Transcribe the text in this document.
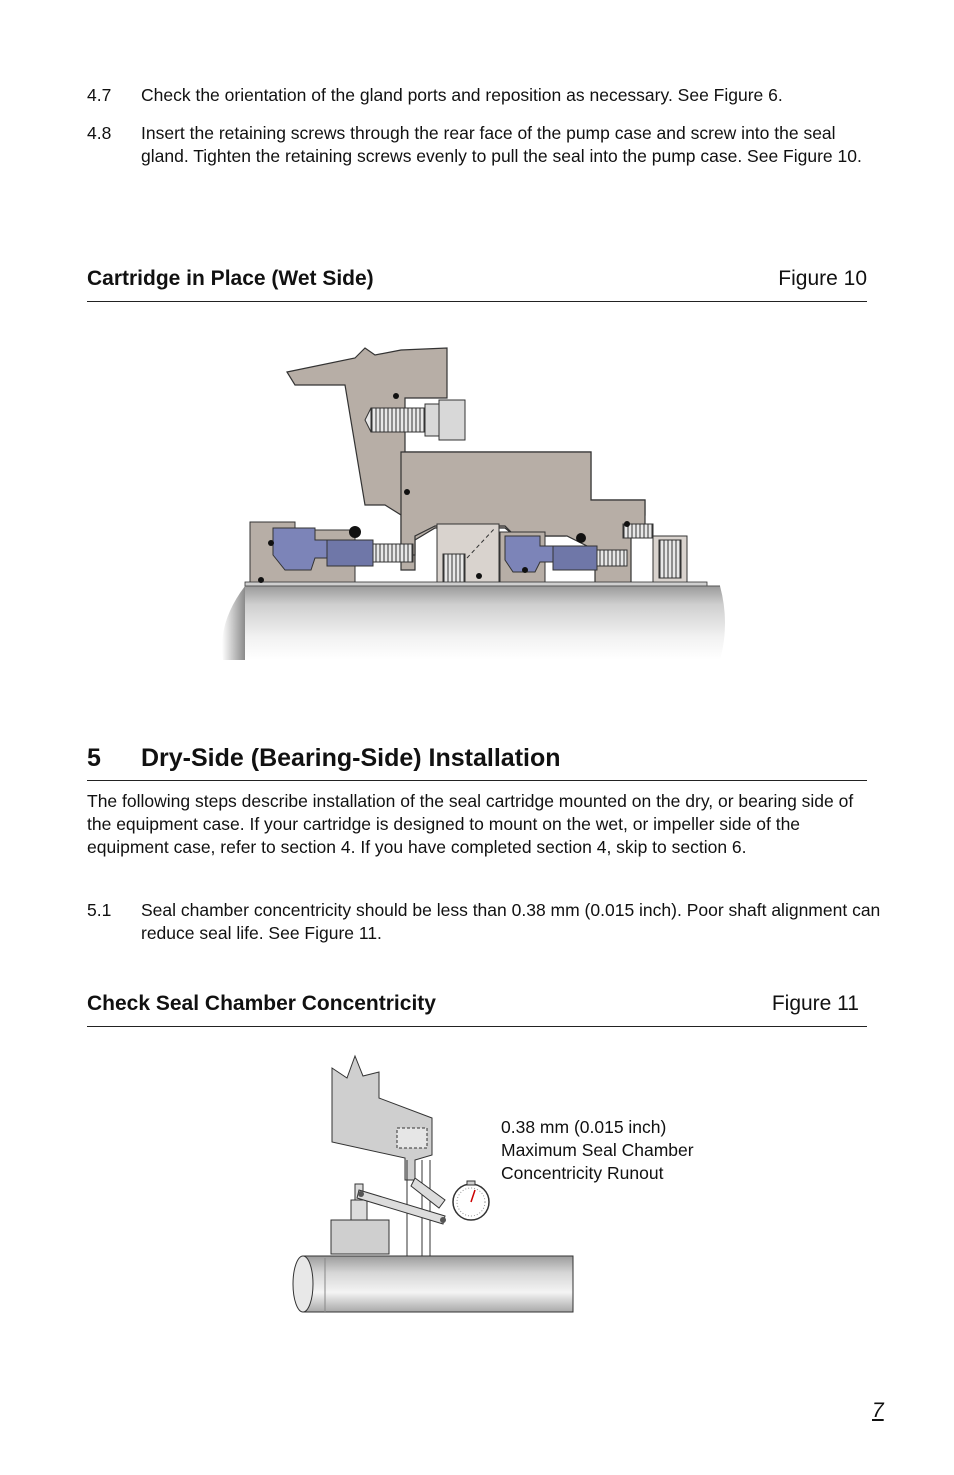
4.7 Check the orientation of the gland ports and reposition as necessary. See Figure 6.
4.8 Insert the retaining screws through the rear face of the pump case and screw into the seal gland. Tighten the retaining screws evenly to pull the seal into the pump case. See Figure 10.
Cartridge in Place (Wet Side)	Figure 10
5 Dry-Side (Bearing-Side) Installation
The following steps describe installation of the seal cartridge mounted on the dry, or bearing side of the equipment case. If your cartridge is designed to mount on the wet, or impeller side of the equipment case, refer to section 4. If you have completed section 4, skip to section 6.
5.1 Seal chamber concentricity should be less than 0.38 mm (0.015 inch). Poor shaft alignment can reduce seal life. See Figure 11.
Check Seal Chamber Concentricity	Figure 11
0.38 mm (0.015 inch)
Maximum Seal Chamber
Concentricity Runout
7
